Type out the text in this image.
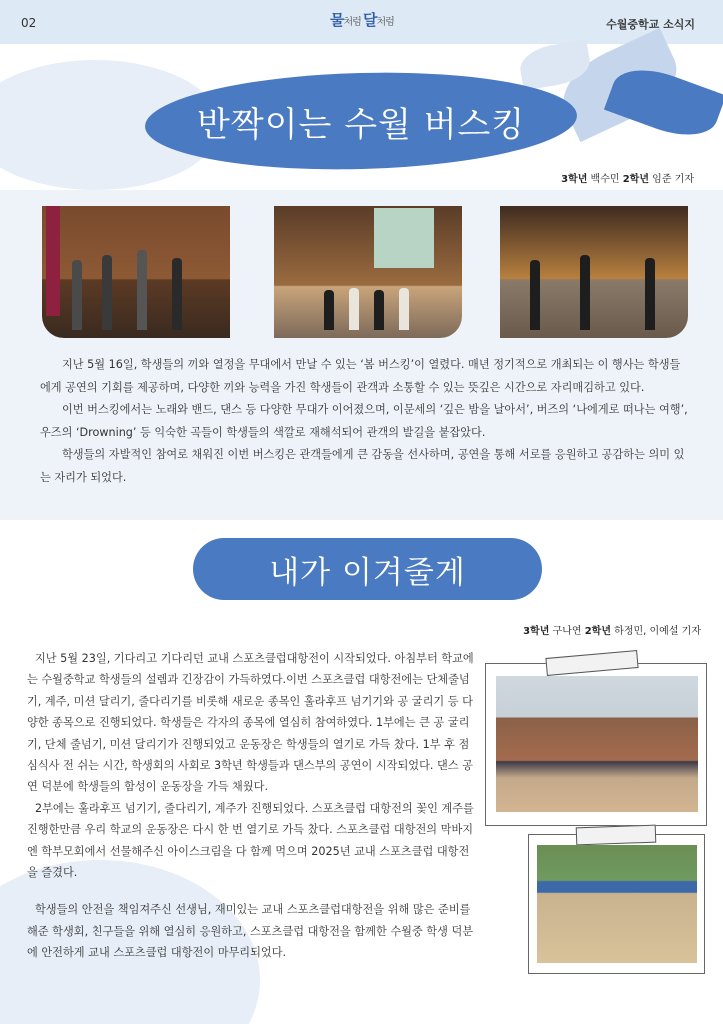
02	물처럼 달처럼	수월중학교 소식지
반짝이는 수월 버스킹
3학년 백수민 2학년 임준 기자

지난 5월 16일, 학생들의 끼와 열정을 무대에서 만날 수 있는 ‘봄 버스킹’이 열렸다. 매년 정기적으로 개최되는 이 행사는 학생들에게 공연의 기회를 제공하며, 다양한 끼와 능력을 가진 학생들이 관객과 소통할 수 있는 뜻깊은 시간으로 자리매김하고 있다.

이번 버스킹에서는 노래와 밴드, 댄스 등 다양한 무대가 이어졌으며, 이문세의 ‘깊은 밤을 날아서’, 버즈의 ‘나에게로 떠나는 여행’, 우즈의 ‘Drowning’ 등 익숙한 곡들이 학생들의 색깔로 재해석되어 관객의 발길을 붙잡았다.

학생들의 자발적인 참여로 채워진 이번 버스킹은 관객들에게 큰 감동을 선사하며, 공연을 통해 서로를 응원하고 공감하는 의미 있는 자리가 되었다.

내가 이겨줄게
3학년 구나연 2학년 하정민, 이예설 기자

지난 5월 23일, 기다리고 기다리던 교내 스포츠클럽대항전이 시작되었다. 아침부터 학교에는 수월중학교 학생들의 설렘과 긴장감이 가득하였다.이번 스포츠클럽 대항전에는 단체줄넘기, 계주, 미션 달리기, 줄다리기를 비롯해 새로운 종목인 훌라후프 넘기기와 공 굴리기 등 다양한 종목으로 진행되었다. 학생들은 각자의 종목에 열심히 참여하였다. 1부에는 큰 공 굴리기, 단체 줄넘기, 미션 달리기가 진행되었고 운동장은 학생들의 열기로 가득 찼다. 1부 후 점심식사 전 쉬는 시간, 학생회의 사회로 3학년 학생들과 댄스부의 공연이 시작되었다. 댄스 공연 덕분에 학생들의 함성이 운동장을 가득 채웠다.

2부에는 훌라후프 넘기기, 줄다리기, 계주가 진행되었다. 스포츠클럽 대항전의 꽃인 계주를 진행한만큼 우리 학교의 운동장은 다시 한 번 열기로 가득 찼다. 스포츠클럽 대항전의 막바지엔 학부모회에서 선물해주신 아이스크림을 다 함께 먹으며 2025년 교내 스포츠클럽 대항전을 즐겼다.

학생들의 안전을 책임져주신 선생님, 재미있는 교내 스포츠클럽대항전을 위해 많은 준비를 해준 학생회, 친구들을 위해 열심히 응원하고, 스포츠클럽 대항전을 함께한 수월중 학생 덕분에 안전하게 교내 스포츠클럽 대항전이 마무리되었다.
